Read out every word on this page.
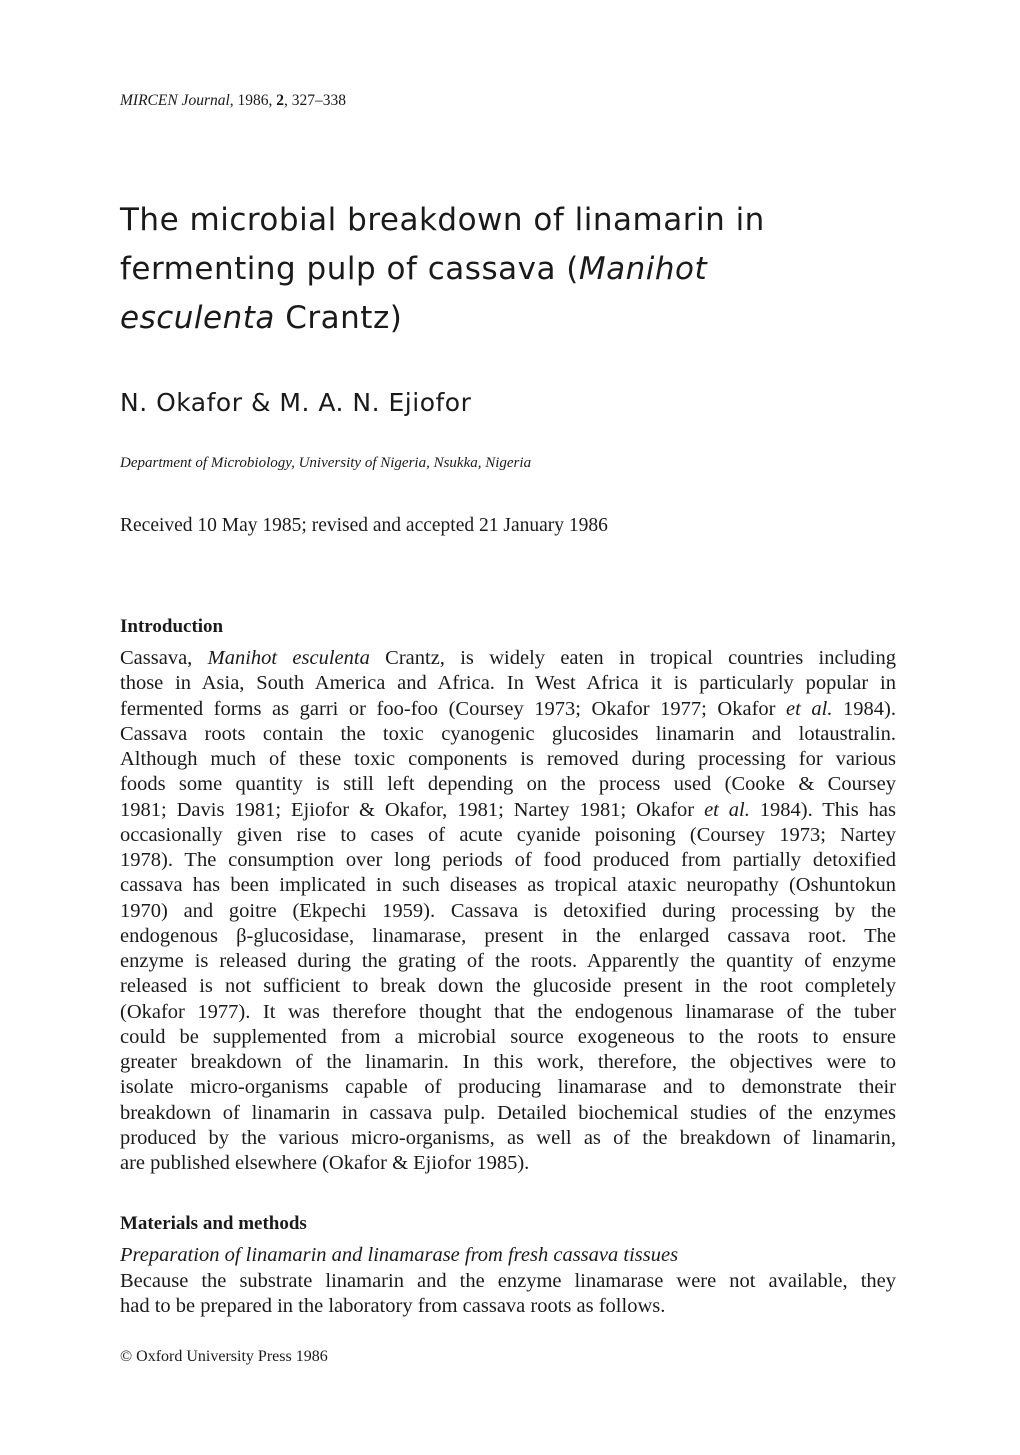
MIRCEN Journal, 1986, 2, 327–338
The microbial breakdown of linamarin in
fermenting pulp of cassava (Manihot
esculenta Crantz)
N. Okafor & M. A. N. Ejiofor
Department of Microbiology, University of Nigeria, Nsukka, Nigeria
Received 10 May 1985; revised and accepted 21 January 1986
Introduction
Cassava, Manihot esculenta Crantz, is widely eaten in tropical countries including
those in Asia, South America and Africa. In West Africa it is particularly popular in
fermented forms as garri or foo-foo (Coursey 1973; Okafor 1977; Okafor et al. 1984).
Cassava roots contain the toxic cyanogenic glucosides linamarin and lotaustralin.
Although much of these toxic components is removed during processing for various
foods some quantity is still left depending on the process used (Cooke & Coursey
1981; Davis 1981; Ejiofor & Okafor, 1981; Nartey 1981; Okafor et al. 1984). This has
occasionally given rise to cases of acute cyanide poisoning (Coursey 1973; Nartey
1978). The consumption over long periods of food produced from partially detoxified
cassava has been implicated in such diseases as tropical ataxic neuropathy (Oshuntokun
1970) and goitre (Ekpechi 1959). Cassava is detoxified during processing by the
endogenous β-glucosidase, linamarase, present in the enlarged cassava root. The
enzyme is released during the grating of the roots. Apparently the quantity of enzyme
released is not sufficient to break down the glucoside present in the root completely
(Okafor 1977). It was therefore thought that the endogenous linamarase of the tuber
could be supplemented from a microbial source exogeneous to the roots to ensure
greater breakdown of the linamarin. In this work, therefore, the objectives were to
isolate micro-organisms capable of producing linamarase and to demonstrate their
breakdown of linamarin in cassava pulp. Detailed biochemical studies of the enzymes
produced by the various micro-organisms, as well as of the breakdown of linamarin,
are published elsewhere (Okafor & Ejiofor 1985).
Materials and methods
Preparation of linamarin and linamarase from fresh cassava tissues
Because the substrate linamarin and the enzyme linamarase were not available, they
had to be prepared in the laboratory from cassava roots as follows.
© Oxford University Press 1986
